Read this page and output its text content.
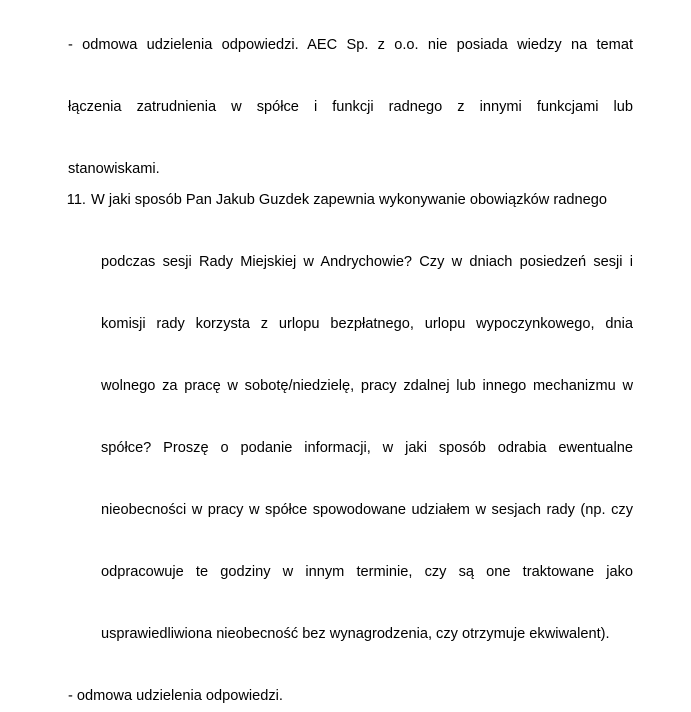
- odmowa udzielenia odpowiedzi. AEC Sp. z o.o. nie posiada wiedzy na temat
łączenia zatrudnienia w spółce i funkcji radnego z innymi funkcjami lub
stanowiskami.
11. W jaki sposób Pan Jakub Guzdek zapewnia wykonywanie obowiązków radnego
podczas sesji Rady Miejskiej w Andrychowie? Czy w dniach posiedzeń sesji i
komisji rady korzysta z urlopu bezpłatnego, urlopu wypoczynkowego, dnia
wolnego za pracę w sobotę/niedzielę, pracy zdalnej lub innego mechanizmu w
spółce? Proszę o podanie informacji, w jaki sposób odrabia ewentualne
nieobecności w pracy w spółce spowodowane udziałem w sesjach rady (np. czy
odpracowuje te godziny w innym terminie, czy są one traktowane jako
usprawiedliwiona nieobecność bez wynagrodzenia, czy otrzymuje ekwiwalent).
- odmowa udzielenia odpowiedzi.
